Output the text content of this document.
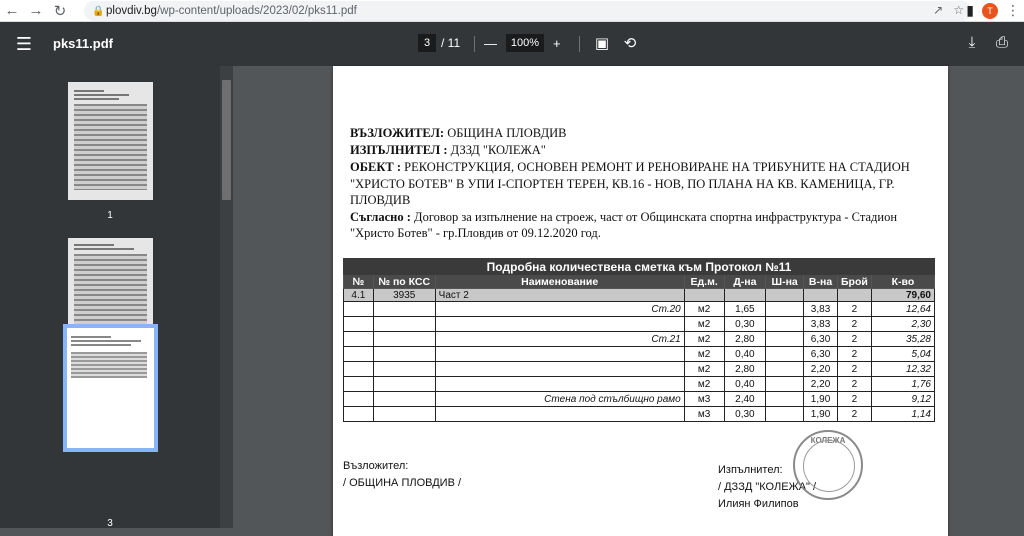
← → ↻	🔒 plovdiv.bg /wp-content/uploads/2023/02/pks11.pdf	↗ ☆ ▮	T ⋮
☰ pks11.pdf	3 / 11 —	100%	+ ▣ ⟲	⤓	⎙
1
3
ВЪЗЛОЖИТЕЛ: ОБЩИНА ПЛОВДИВ
ИЗПЪЛНИТЕЛ : ДЗЗД "КОЛЕЖА"
ОБЕКТ : РЕКОНСТРУКЦИЯ, ОСНОВЕН РЕМОНТ И РЕНОВИРАНЕ НА ТРИБУНИТЕ НА СТАДИОН
"ХРИСТО БОТЕВ" В УПИ I-СПОРТЕН ТЕРЕН, КВ.16 - НОВ, ПО ПЛАНА НА КВ. КАМЕНИЦА, ГР.
ПЛОВДИВ
Съгласно : Договор за изпълнение на строеж, част от Общинската спортна инфраструктура - Стадион
"Христо Ботев" - гр.Пловдив от 09.12.2020 год.
Подробна количествена сметка към Протокол №11								
№	№ по КСС	Наименование	Ед.м.	Д-на	Ш-на	В-на	Брой	К-во
4.1	3935	Част 2						79,60
		Ст.20	м2	1,65		3,83	2	12,64
			м2	0,30		3,83	2	2,30
		Ст.21	м2	2,80		6,30	2	35,28
			м2	0,40		6,30	2	5,04
			м2	2,80		2,20	2	12,32
			м2	0,40		2,20	2	1,76
		Стена под стълбищно рамо	м3	2,40		1,90	2	9,12
			м3	0,30		1,90	2	1,14
Възложител:
/ ОБЩИНА ПЛОВДИВ /
Изпълнител:
/ ДЗЗД "КОЛЕЖА" /
Илиян Филипов
КОЛЕЖА
